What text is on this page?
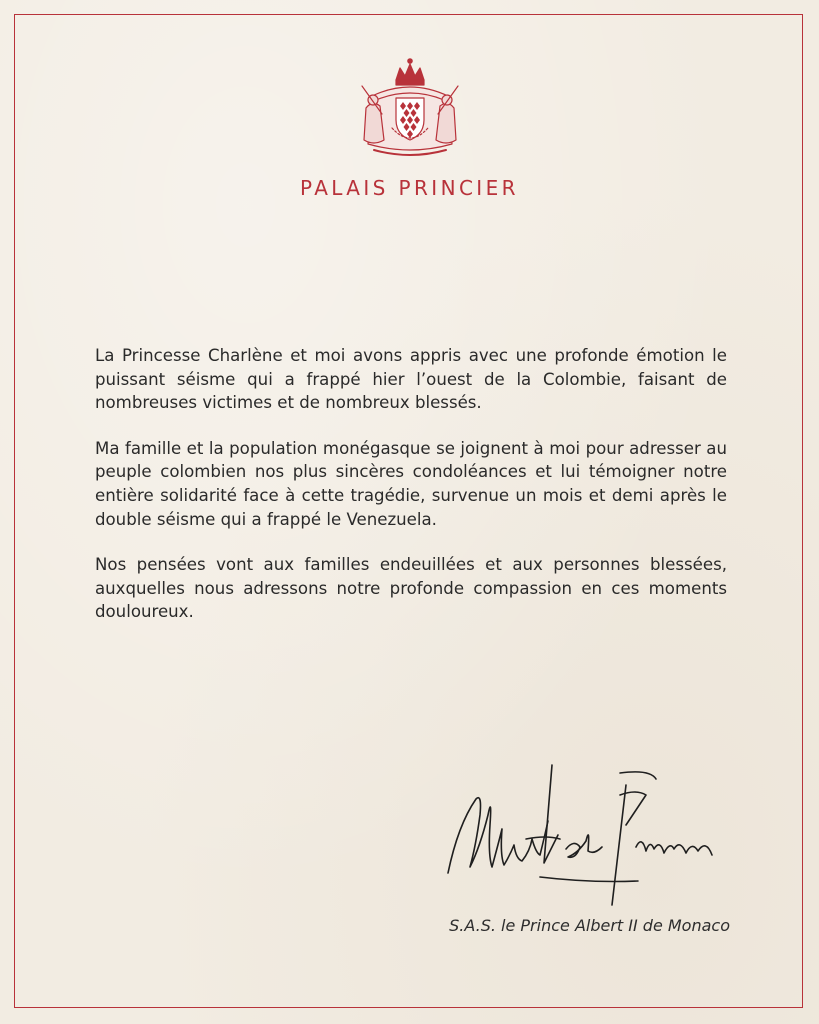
PALAIS PRINCIER

La Princesse Charlène et moi avons appris avec une profonde émotion le puissant séisme qui a frappé hier l’ouest de la Colombie, faisant de nombreuses victimes et de nombreux blessés.

Ma famille et la population monégasque se joignent à moi pour adresser au peuple colombien nos plus sincères condoléances et lui témoigner notre entière solidarité face à cette tragédie, survenue un mois et demi après le double séisme qui a frappé le Venezuela.

Nos pensées vont aux familles endeuillées et aux personnes blessées, auxquelles nous adressons notre profonde compassion en ces moments douloureux.

S.A.S. le Prince Albert II de Monaco
